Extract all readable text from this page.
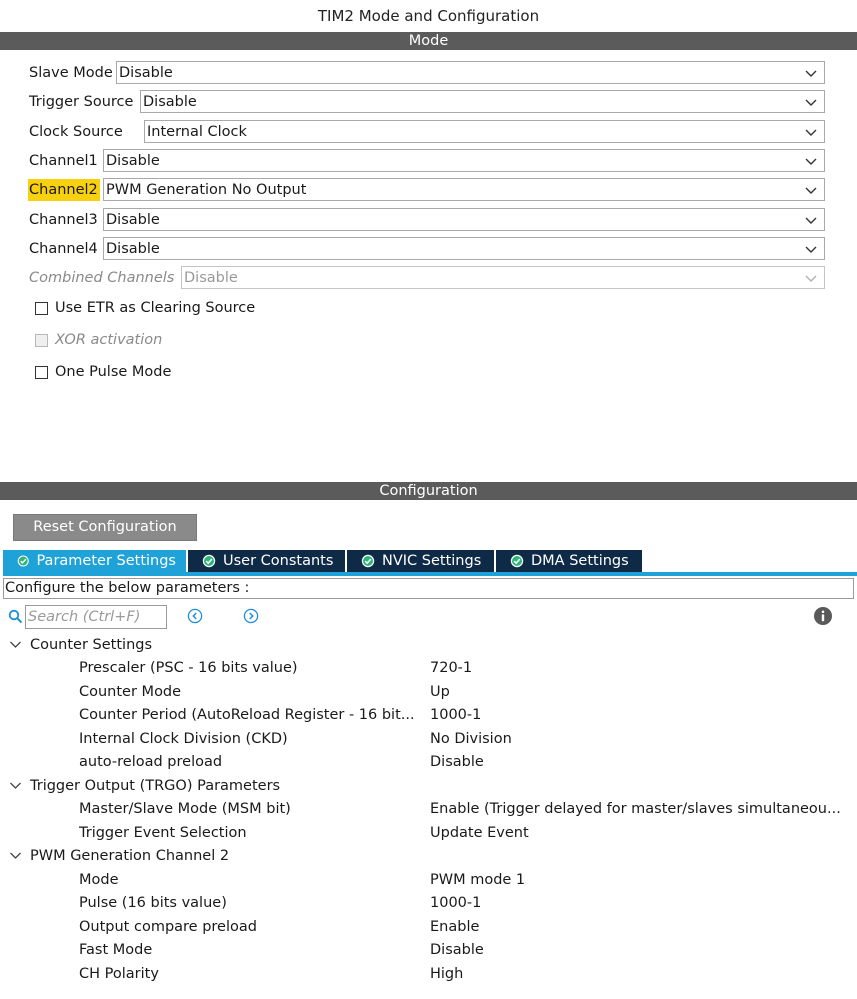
TIM2 Mode and Configuration
Mode
Slave Mode Disable
Trigger Source Disable
Clock Source Internal Clock
Channel1 Disable
Channel2 PWM Generation No Output
Channel3 Disable
Channel4 Disable
Combined Channels Disable
Use ETR as Clearing Source
XOR activation
One Pulse Mode
Configuration
Reset Configuration
Parameter Settings	User Constants	NVIC Settings	DMA Settings
Configure the below parameters :
Search (Ctrl+F)
Counter Settings
Prescaler (PSC - 16 bits value)	720-1
Counter Mode	Up
Counter Period (AutoReload Register - 16 bit... 1000-1
Internal Clock Division (CKD)	No Division
auto-reload preload	Disable
Trigger Output (TRGO) Parameters
Master/Slave Mode (MSM bit)	Enable (Trigger delayed for master/slaves simultaneou...
Trigger Event Selection	Update Event
PWM Generation Channel 2
Mode	PWM mode 1
Pulse (16 bits value)	1000-1
Output compare preload	Enable
Fast Mode	Disable
CH Polarity	High
